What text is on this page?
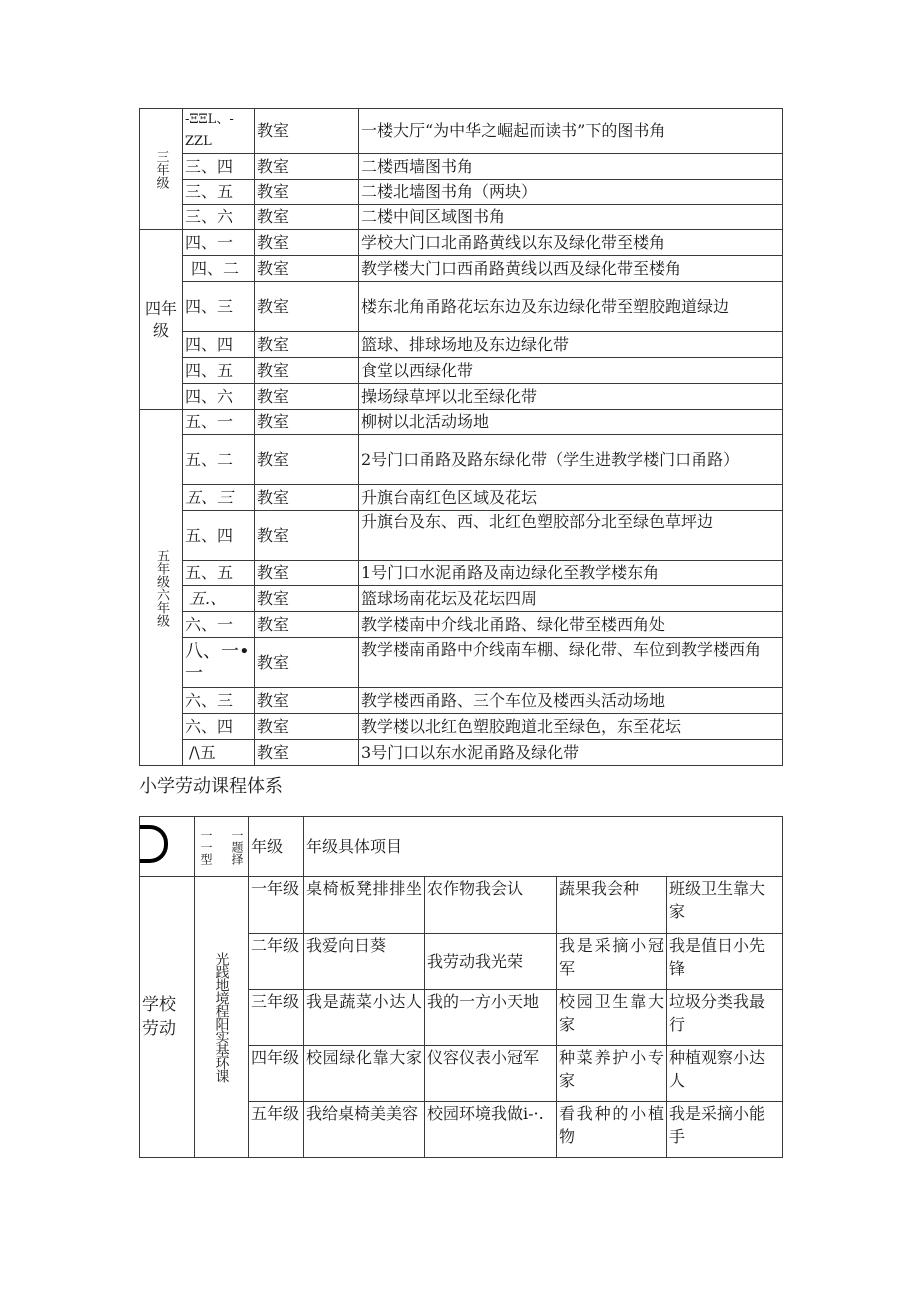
三年级	-ΞΞL、-ZZL	教室	一楼大厅“为中华之崛起而读书”下的图书角
	三、四	教室	二楼西墙图书角
	三、五	教室	二楼北墙图书角（两块）
	三、六	教室	二楼中间区域图书角
四年级	四、一	教室	学校大门口北甬路黄线以东及绿化带至楼角
	四、二	教室	教学楼大门口西甬路黄线以西及绿化带至楼角
	四、三	教室	楼东北角甬路花坛东边及东边绿化带至塑胶跑道绿边
	四、四	教室	篮球、排球场地及东边绿化带
	四、五	教室	食堂以西绿化带
	四、六	教室	操场绿草坪以北至绿化带
五年级六年级	五、一	教室	柳树以北活动场地
	五、二	教室	2号门口甬路及路东绿化带（学生进教学楼门口甬路）
	五、三	教室	升旗台南红色区域及花坛
	五、四	教室	升旗台及东、西、北红色塑胶部分北至绿色草坪边
	五、五	教室	1号门口水泥甬路及南边绿化至教学楼东角
	五.、	教室	篮球场南花坛及花坛四周
	六、一	教室	教学楼南中介线北甬路、绿化带至楼西角处
	八、一•一	教室	教学楼南甬路中介线南车棚、绿化带、车位到教学楼西角
	六、三	教室	教学楼西甬路、三个车位及楼西头活动场地
	六、四	教室	教学楼以北红色塑胶跑道北至绿色，东至花坛
	/\五	教室	3号门口以东水泥甬路及绿化带
小学劳动课程体系

	一一型 一题择	年级	年级具体项目			
学校劳动	光践地境程阳实基环课	一年级	桌椅板凳排排坐	农作物我会认	蔬果我会种	班级卫生靠大家
		二年级	我爱向日葵	我劳动我光荣	我是采摘小冠军	我是值日小先锋
		三年级	我是蔬菜小达人	我的一方小天地	校园卫生靠大家	垃圾分类我最行
		四年级	校园绿化靠大家	仪容仪表小冠军	种菜养护小专家	种植观察小达人
		五年级	我给桌椅美美容	校园环境我做i-·.	看我种的小植物	我是采摘小能手
